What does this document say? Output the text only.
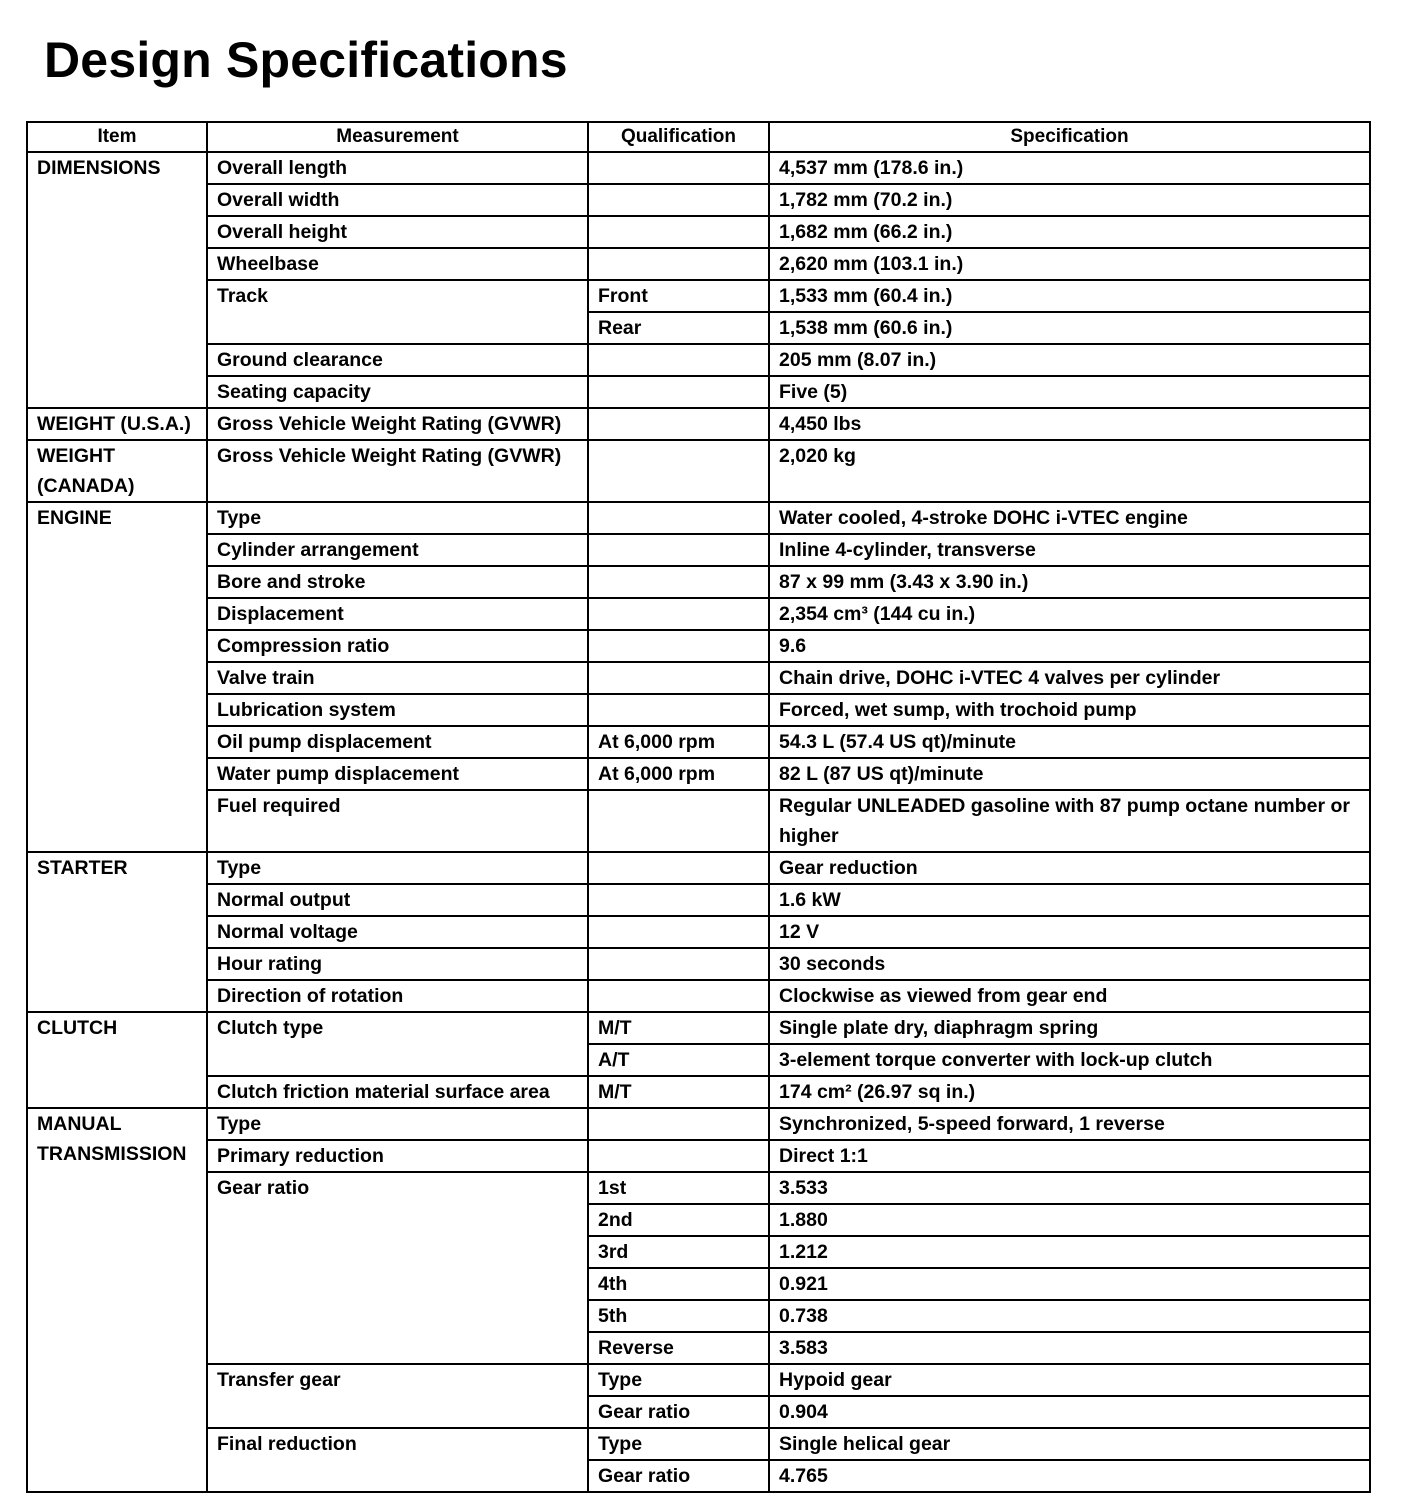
Design Specifications
Item	Measurement	Qualification	Specification
DIMENSIONS	Overall length		4,537 mm (178.6 in.)
	Overall width		1,782 mm (70.2 in.)
	Overall height		1,682 mm (66.2 in.)
	Wheelbase		2,620 mm (103.1 in.)
	Track	Front	1,533 mm (60.4 in.)
		Rear	1,538 mm (60.6 in.)
	Ground clearance		205 mm (8.07 in.)
	Seating capacity		Five (5)
WEIGHT (U.S.A.)	Gross Vehicle Weight Rating (GVWR)		4,450 lbs
WEIGHT (CANADA)	Gross Vehicle Weight Rating (GVWR)		2,020 kg
ENGINE	Type		Water cooled, 4-stroke DOHC i-VTEC engine
	Cylinder arrangement		Inline 4-cylinder, transverse
	Bore and stroke		87 x 99 mm (3.43 x 3.90 in.)
	Displacement		2,354 cm³ (144 cu in.)
	Compression ratio		9.6
	Valve train		Chain drive, DOHC i-VTEC 4 valves per cylinder
	Lubrication system		Forced, wet sump, with trochoid pump
	Oil pump displacement	At 6,000 rpm	54.3 L (57.4 US qt)/minute
	Water pump displacement	At 6,000 rpm	82 L (87 US qt)/minute
	Fuel required		Regular UNLEADED gasoline with 87 pump octane number or higher
STARTER	Type		Gear reduction
	Normal output		1.6 kW
	Normal voltage		12 V
	Hour rating		30 seconds
	Direction of rotation		Clockwise as viewed from gear end
CLUTCH	Clutch type	M/T	Single plate dry, diaphragm spring
		A/T	3-element torque converter with lock-up clutch
	Clutch friction material surface area	M/T	174 cm² (26.97 sq in.)
MANUAL TRANSMISSION	Type		Synchronized, 5-speed forward, 1 reverse
	Primary reduction		Direct 1:1
	Gear ratio	1st	3.533
		2nd	1.880
		3rd	1.212
		4th	0.921
		5th	0.738
		Reverse	3.583
	Transfer gear	Type	Hypoid gear
		Gear ratio	0.904
	Final reduction	Type	Single helical gear
		Gear ratio	4.765
